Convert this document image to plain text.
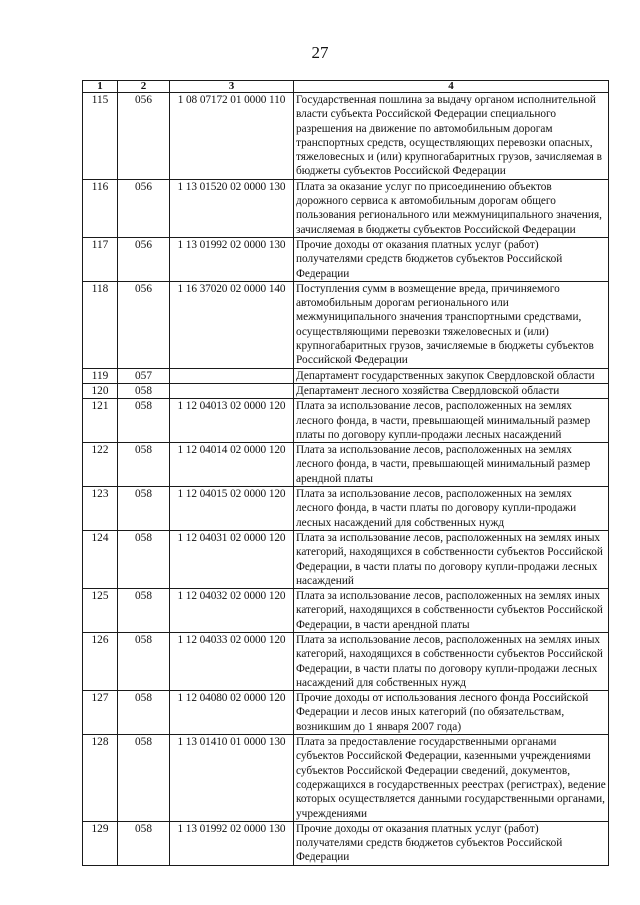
27
1	2	3	4
115	056	1 08 07172 01 0000 110	Государственная пошлина за выдачу органом исполнительной власти субъекта Российской Федерации специального разрешения на движение по автомобильным дорогам транспортных средств, осуществляющих перевозки опасных, тяжеловесных и (или) крупногабаритных грузов, зачисляемая в бюджеты субъектов Российской Федерации
116	056	1 13 01520 02 0000 130	Плата за оказание услуг по присоединению объектов дорожного сервиса к автомобильным дорогам общего пользования регионального или межмуниципального значения, зачисляемая в бюджеты субъектов Российской Федерации
117	056	1 13 01992 02 0000 130	Прочие доходы от оказания платных услуг (работ) получателями средств бюджетов субъектов Российской Федерации
118	056	1 16 37020 02 0000 140	Поступления сумм в возмещение вреда, причиняемого автомобильным дорогам регионального или межмуниципального значения транспортными средствами, осуществляющими перевозки тяжеловесных и (или) крупногабаритных грузов, зачисляемые в бюджеты субъектов Российской Федерации
119	057		Департамент государственных закупок Свердловской области
120	058		Департамент лесного хозяйства Свердловской области
121	058	1 12 04013 02 0000 120	Плата за использование лесов, расположенных на землях лесного фонда, в части, превышающей минимальный размер платы по договору купли-продажи лесных насаждений
122	058	1 12 04014 02 0000 120	Плата за использование лесов, расположенных на землях лесного фонда, в части, превышающей минимальный размер арендной платы
123	058	1 12 04015 02 0000 120	Плата за использование лесов, расположенных на землях лесного фонда, в части платы по договору купли-продажи лесных насаждений для собственных нужд
124	058	1 12 04031 02 0000 120	Плата за использование лесов, расположенных на землях иных категорий, находящихся в собственности субъектов Российской Федерации, в части платы по договору купли-продажи лесных насаждений
125	058	1 12 04032 02 0000 120	Плата за использование лесов, расположенных на землях иных категорий, находящихся в собственности субъектов Российской Федерации, в части арендной платы
126	058	1 12 04033 02 0000 120	Плата за использование лесов, расположенных на землях иных категорий, находящихся в собственности субъектов Российской Федерации, в части платы по договору купли-продажи лесных насаждений для собственных нужд
127	058	1 12 04080 02 0000 120	Прочие доходы от использования лесного фонда Российской Федерации и лесов иных категорий (по обязательствам, возникшим до 1 января 2007 года)
128	058	1 13 01410 01 0000 130	Плата за предоставление государственными органами субъектов Российской Федерации, казенными учреждениями субъектов Российской Федерации сведений, документов, содержащихся в государственных реестрах (регистрах), ведение которых осуществляется данными государственными органами, учреждениями
129	058	1 13 01992 02 0000 130	Прочие доходы от оказания платных услуг (работ) получателями средств бюджетов субъектов Российской Федерации
